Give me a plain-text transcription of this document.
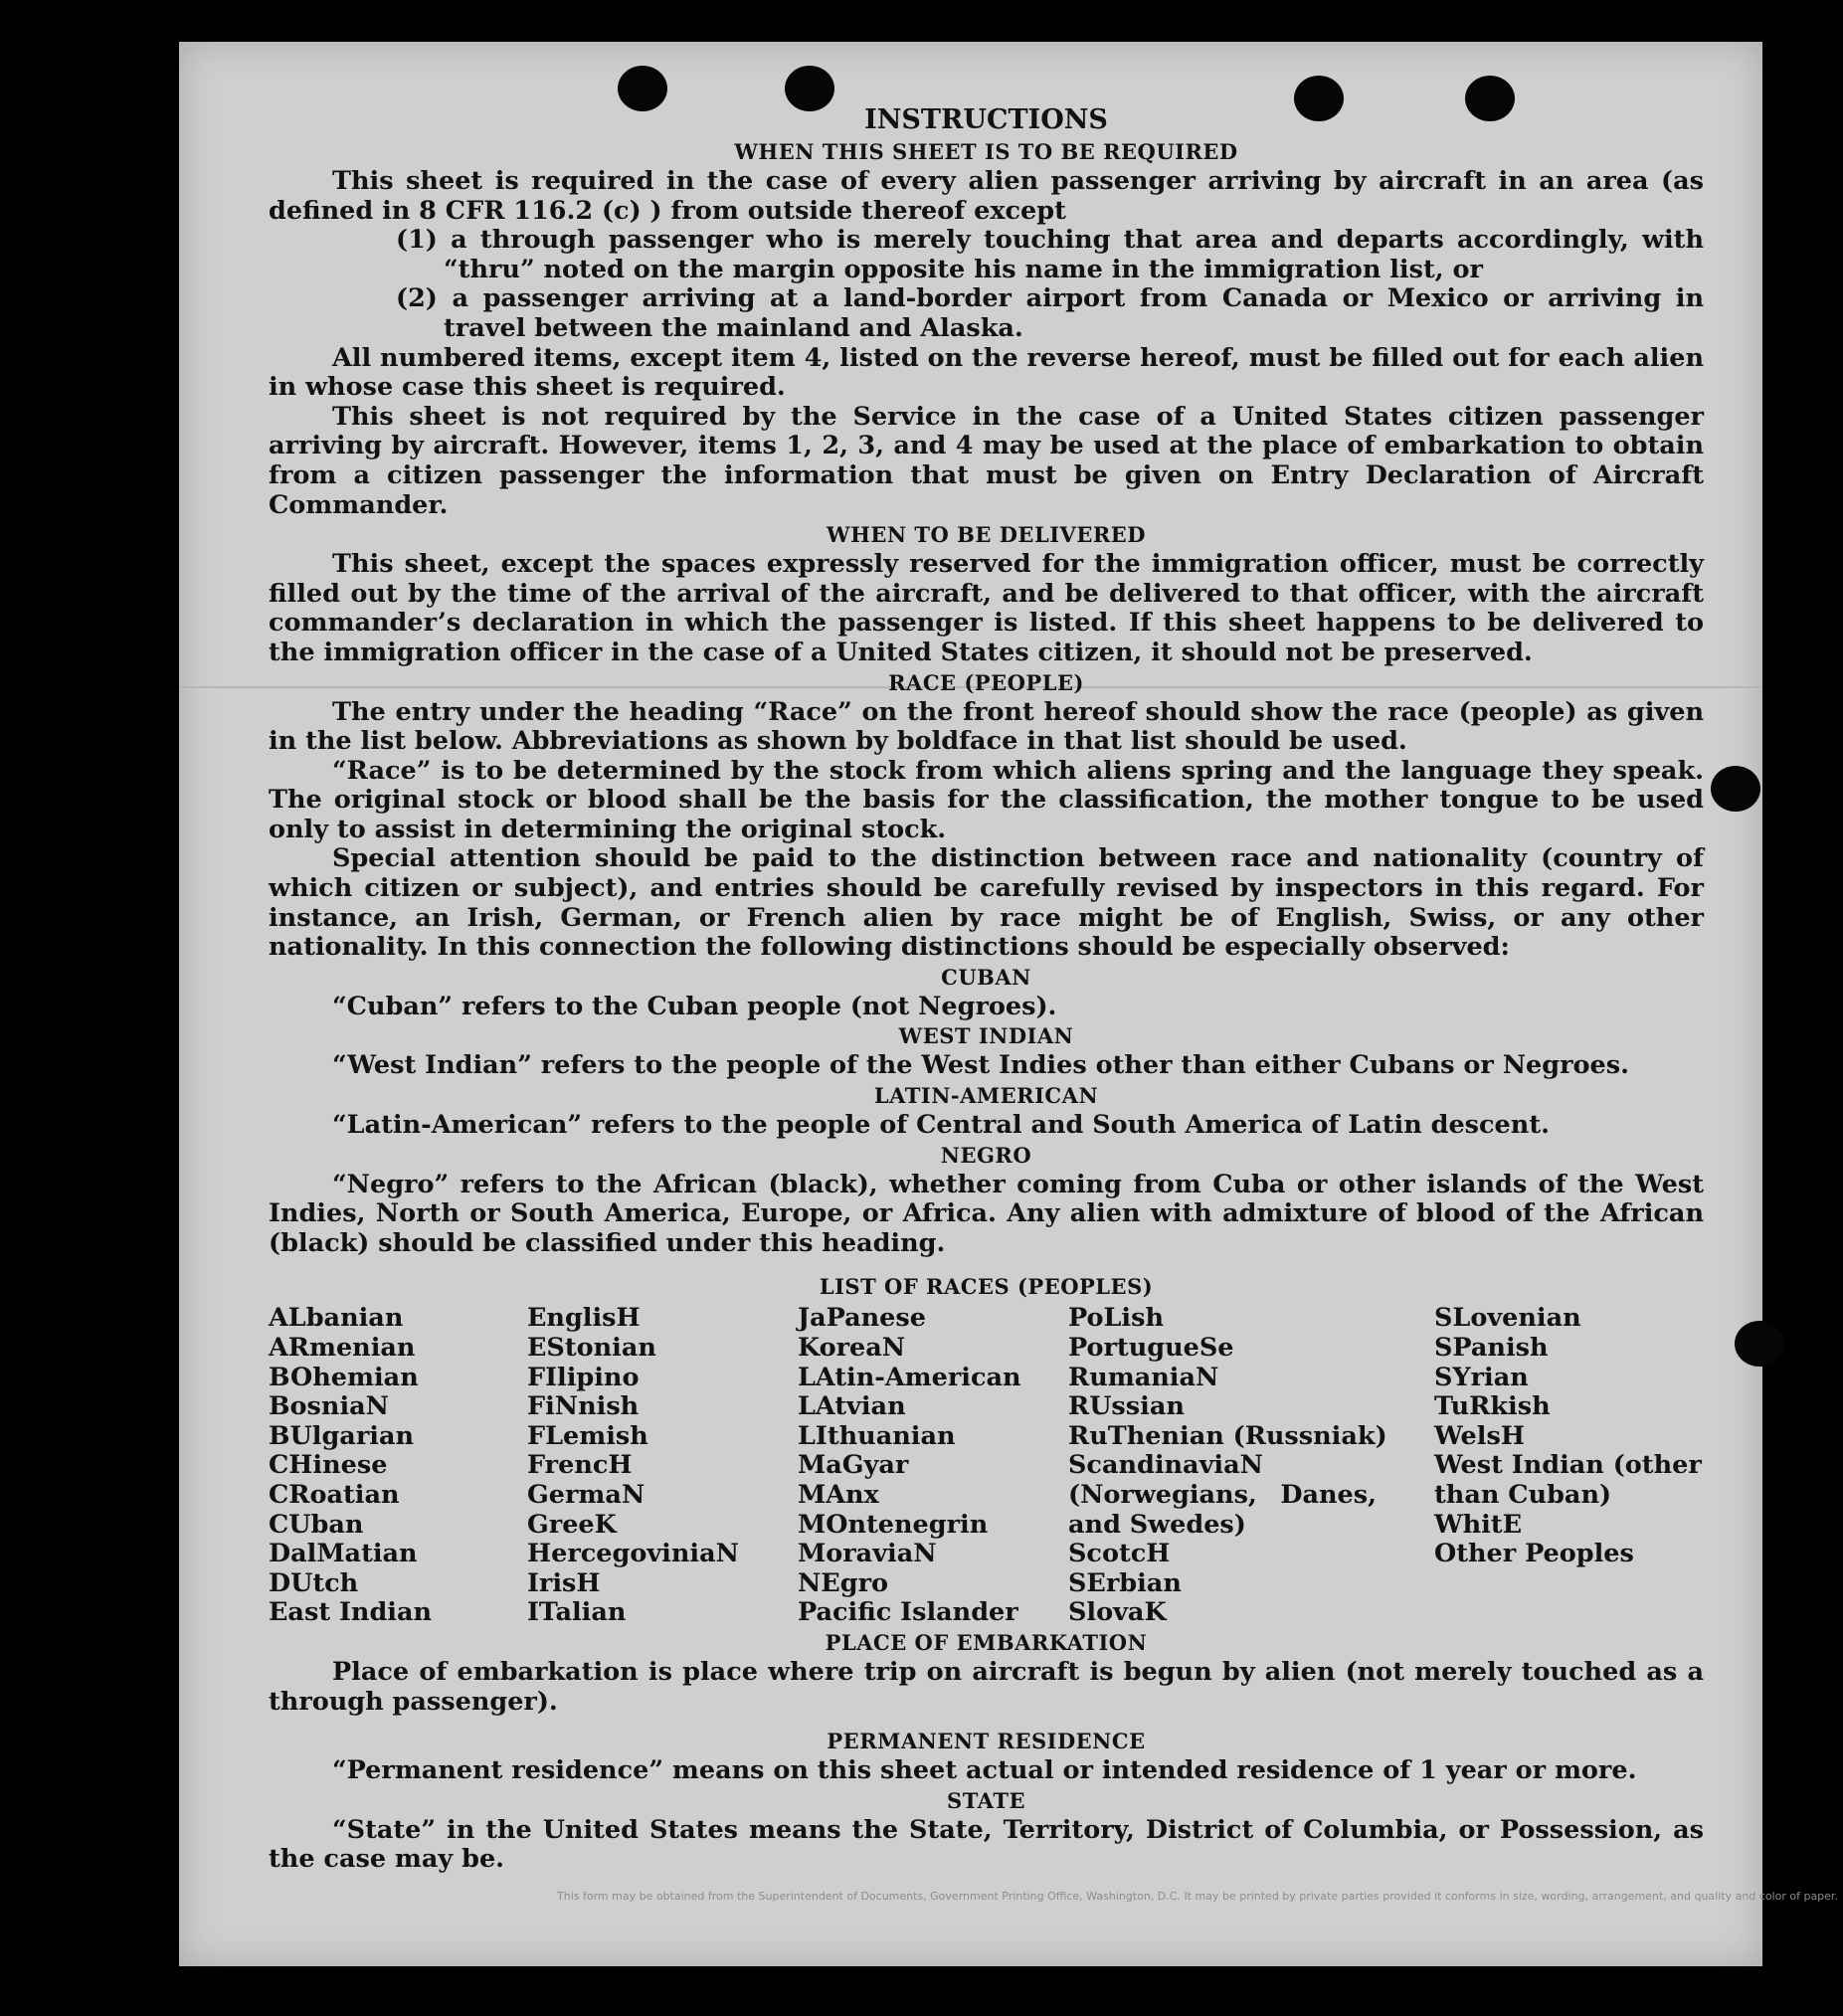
INSTRUCTIONS
WHEN THIS SHEET IS TO BE REQUIRED

This sheet is required in the case of every alien passenger arriving by aircraft in an area (as defined in 8 CFR 116.2 (c) ) from outside thereof except

(1) a through passenger who is merely touching that area and departs accordingly, with “thru” noted on the margin opposite his name in the immigration list, or

(2) a passenger arriving at a land-border airport from Canada or Mexico or arriving in travel between the mainland and Alaska.

All numbered items, except item 4, listed on the reverse hereof, must be filled out for each alien in whose case this sheet is required.

This sheet is not required by the Service in the case of a United States citizen passenger arriving by aircraft. However, items 1, 2, 3, and 4 may be used at the place of embarkation to obtain from a citizen passenger the information that must be given on Entry Declaration of Aircraft Commander.

WHEN TO BE DELIVERED

This sheet, except the spaces expressly reserved for the immigration officer, must be correctly filled out by the time of the arrival of the aircraft, and be delivered to that officer, with the aircraft commander’s declaration in which the passenger is listed. If this sheet happens to be delivered to the immigration officer in the case of a United States citizen, it should not be preserved.

RACE (PEOPLE)

The entry under the heading “Race” on the front hereof should show the race (people) as given in the list below. Abbreviations as shown by boldface in that list should be used.

“Race” is to be determined by the stock from which aliens spring and the language they speak. The original stock or blood shall be the basis for the classification, the mother tongue to be used only to assist in determining the original stock.

Special attention should be paid to the distinction between race and nationality (country of which citizen or subject), and entries should be carefully revised by inspectors in this regard. For instance, an Irish, German, or French alien by race might be of English, Swiss, or any other nationality. In this connection the following distinctions should be especially observed:

CUBAN

“Cuban” refers to the Cuban people (not Negroes).

WEST INDIAN

“West Indian” refers to the people of the West Indies other than either Cubans or Negroes.

LATIN-AMERICAN

“Latin-American” refers to the people of Central and South America of Latin descent.

NEGRO

“Negro” refers to the African (black), whether coming from Cuba or other islands of the West Indies, North or South America, Europe, or Africa. Any alien with admixture of blood of the African (black) should be classified under this heading.

LIST OF RACES (PEOPLES)
ALbanian
ARmenian
BOhemian
BosniaN
BUlgarian
CHinese
CRoatian
CUban
DalMatian
DUtch
East Indian
EnglisH
EStonian
FIlipino
FiNnish
FLemish
FrencH
GermaN
GreeK
HercegoviniaN
IrisH
ITalian
JaPanese
KoreaN
LAtin-American
LAtvian
LIthuanian
MaGyar
MAnx
MOntenegrin
MoraviaN
NEgro
Pacific Islander
PoLish
PortugueSe
RumaniaN
RUssian
RuThenian (Russniak)
ScandinaviaN (Norwegians, Danes, and Swedes)
ScotcH
SErbian
SlovaK
SLovenian
SPanish
SYrian
TuRkish
WelsH
West Indian (other than Cuban)
WhitE
Other Peoples
PLACE OF EMBARKATION

Place of embarkation is place where trip on aircraft is begun by alien (not merely touched as a through passenger).

PERMANENT RESIDENCE

“Permanent residence” means on this sheet actual or intended residence of 1 year or more.

STATE

“State” in the United States means the State, Territory, District of Columbia, or Possession, as the case may be.

This form may be obtained from the Superintendent of Documents, Government Printing Office, Washington, D.C. It may be printed by private parties provided it conforms in size, wording, arrangement, and quality and color of paper.
